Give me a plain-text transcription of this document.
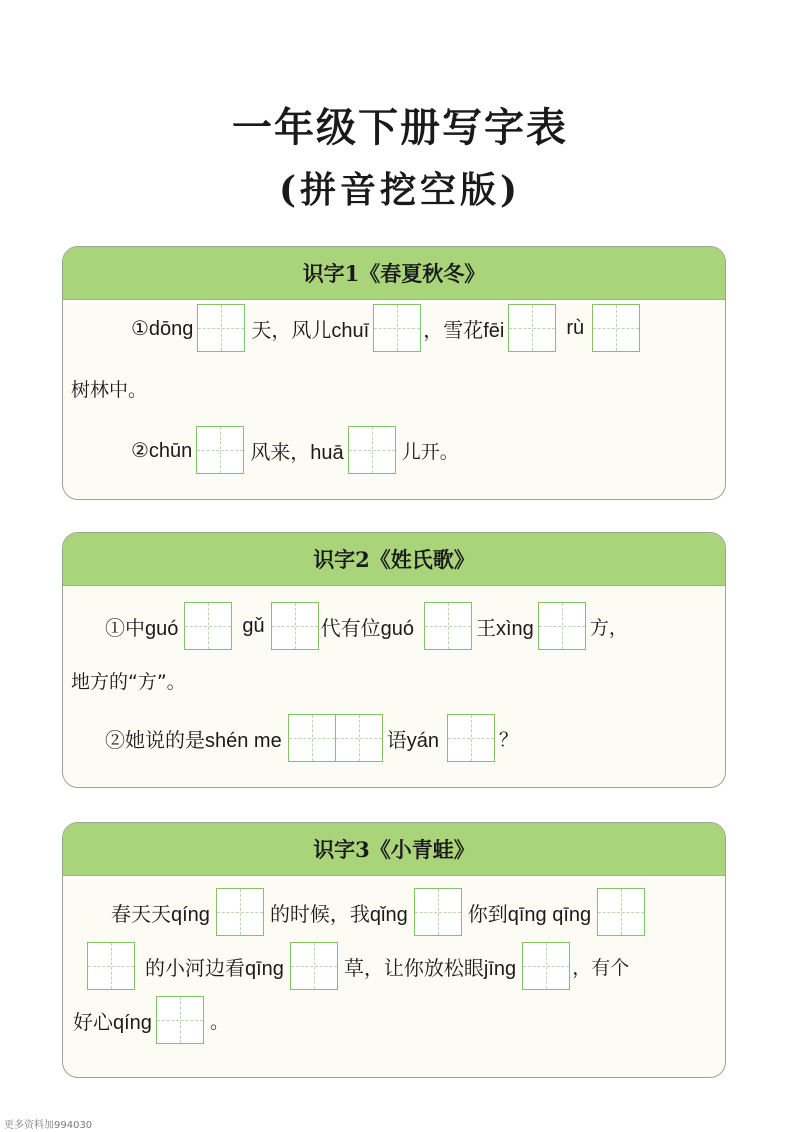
一年级下册写字表
(拼音挖空版)
识字1《春夏秋冬》
①dōng	天，风儿chuī	，雪花fēi	rù
树林中。
②chūn	风来，huā	儿开。
识字2《姓氏歌》
①中guó	gǔ	代有位guó	王xìng	方，
地方的“方”。
②她说的是shén me	语yán	？
识字3《小青蛙》
春天天qíng	的时候，我qǐng	你到qīng qīng
的小河边看qīng	草，让你放松眼jīng	，有个
好心qíng	。
更多资料加994030
